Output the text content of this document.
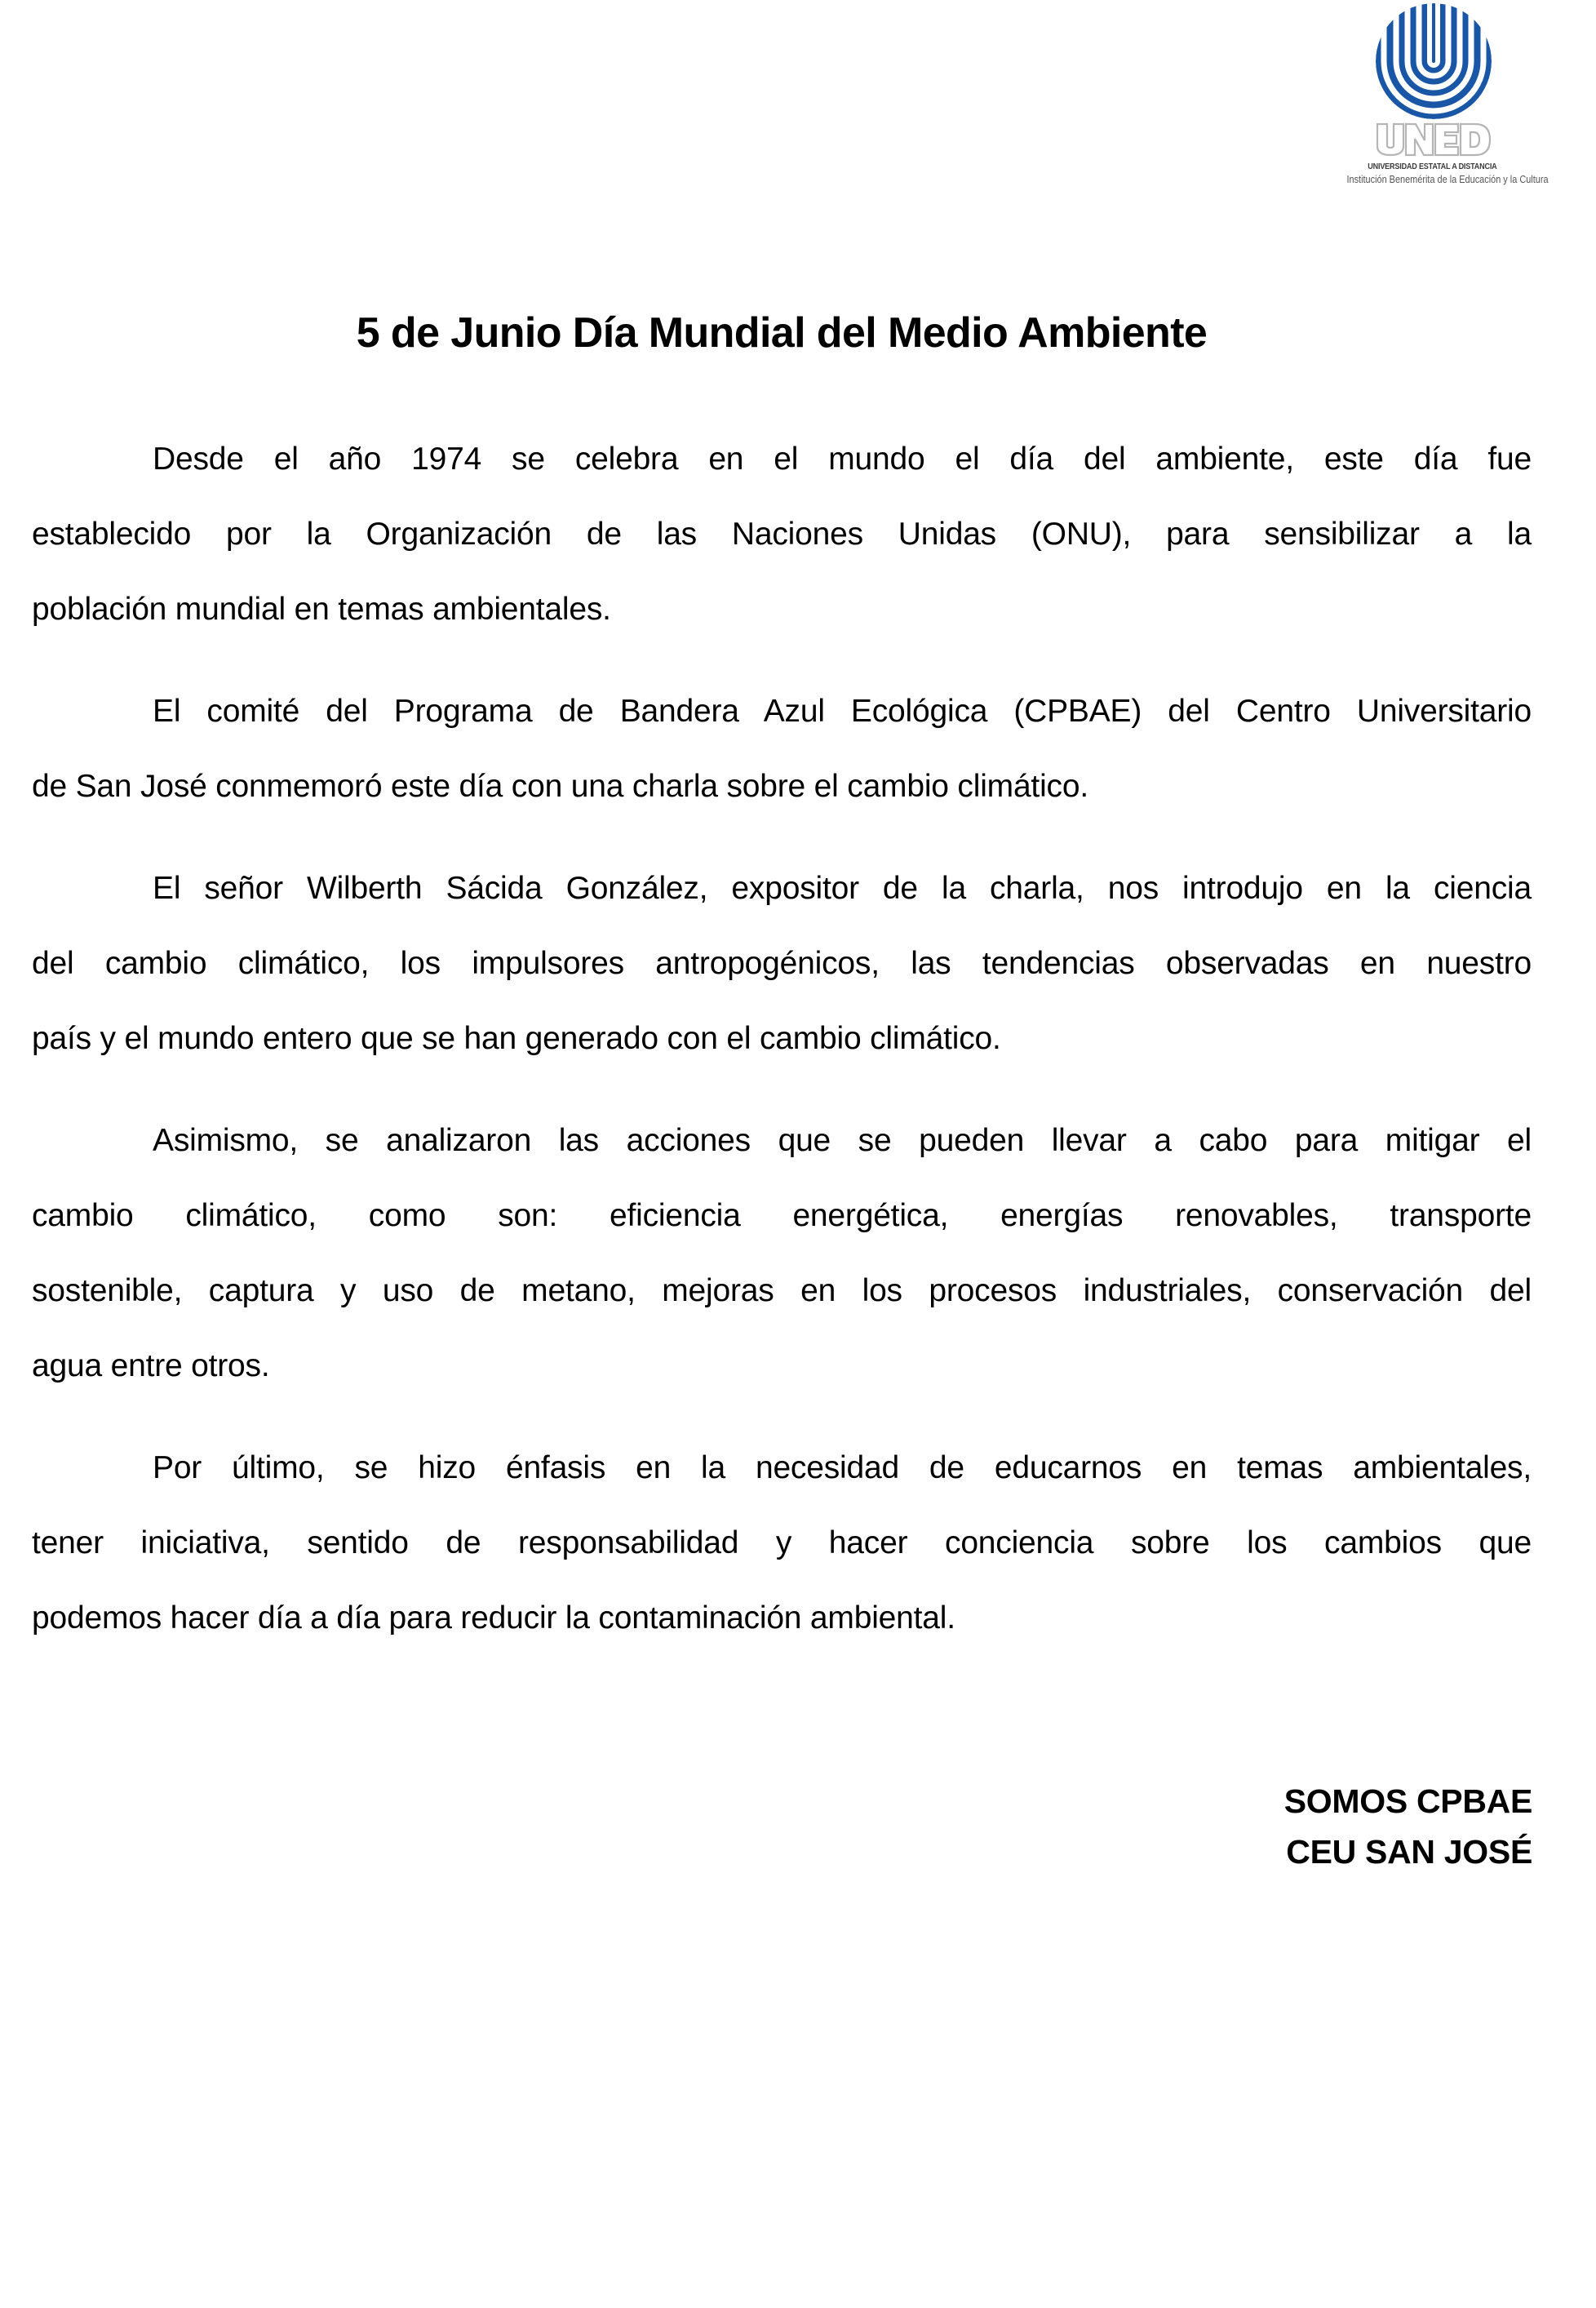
UNIVERSIDAD ESTATAL A DISTANCIA
Institución Benemérita de la Educación y la Cultura
5 de Junio Día Mundial del Medio Ambiente

Desde el año 1974 se celebra en el mundo el día del ambiente, este día fue
establecido por la Organización de las Naciones Unidas (ONU), para sensibilizar a la
población mundial en temas ambientales.

El comité del Programa de Bandera Azul Ecológica (CPBAE) del Centro Universitario
de San José conmemoró este día con una charla sobre el cambio climático.

El señor Wilberth Sácida González, expositor de la charla, nos introdujo en la ciencia
del cambio climático, los impulsores antropogénicos, las tendencias observadas en nuestro
país y el mundo entero que se han generado con el cambio climático.

Asimismo, se analizaron las acciones que se pueden llevar a cabo para mitigar el
cambio climático, como son: eficiencia energética, energías renovables, transporte
sostenible, captura y uso de metano, mejoras en los procesos industriales, conservación del
agua entre otros.

Por último, se hizo énfasis en la necesidad de educarnos en temas ambientales,
tener iniciativa, sentido de responsabilidad y hacer conciencia sobre los cambios que
podemos hacer día a día para reducir la contaminación ambiental.

SOMOS CPBAE
CEU SAN JOSÉ
